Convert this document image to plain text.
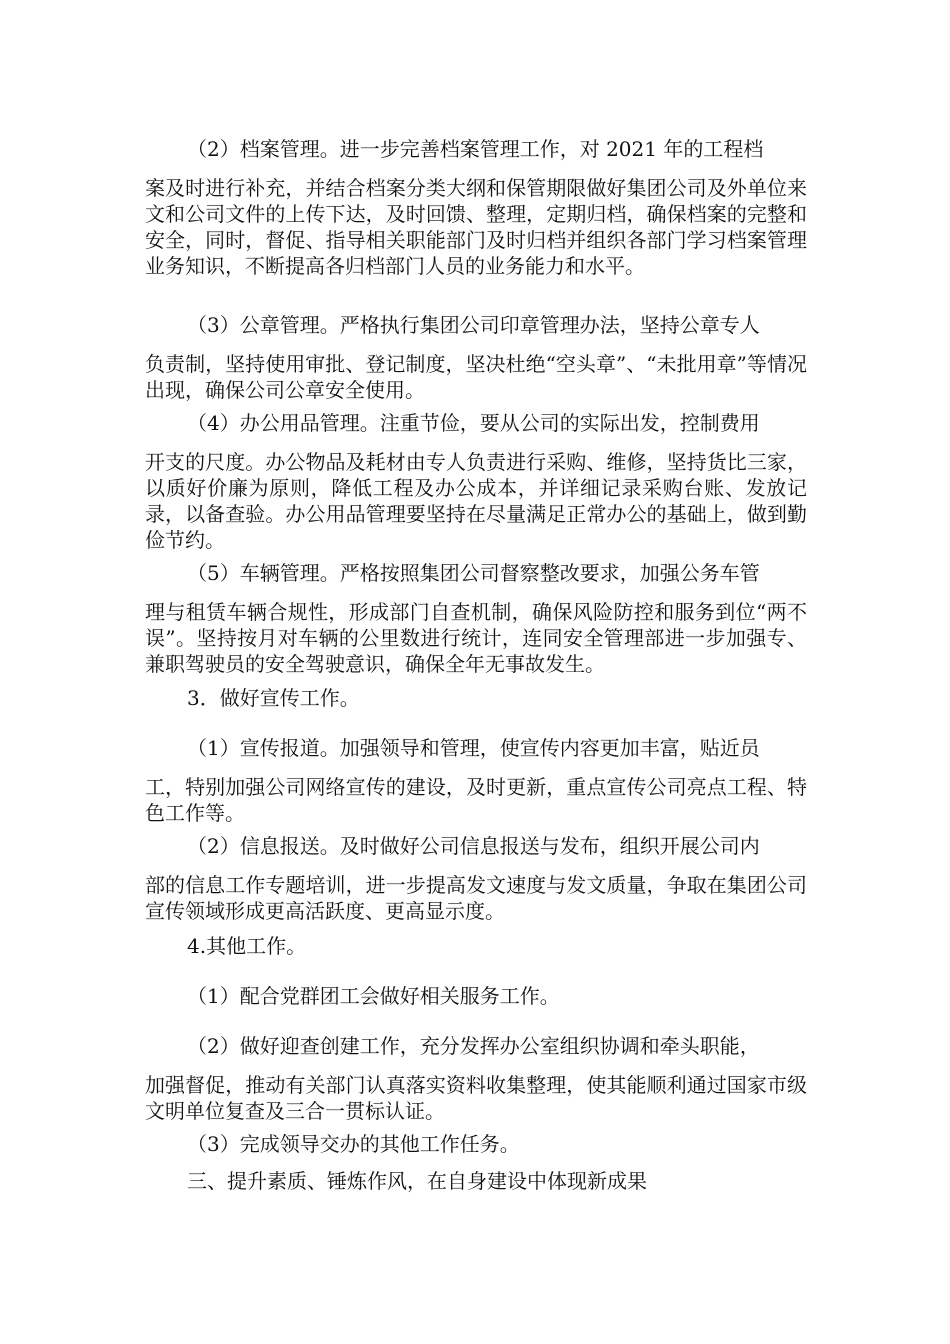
（2）档案管理。进一步完善档案管理工作，对 2021 年的工程档
案及时进行补充，并结合档案分类大纲和保管期限做好集团公司及外单位来文和公司文件的上传下达，及时回馈、整理，定期归档，确保档案的完整和安全，同时，督促、指导相关职能部门及时归档并组织各部门学习档案管理业务知识，不断提高各归档部门人员的业务能力和水平。

（3）公章管理。严格执行集团公司印章管理办法，坚持公章专人
负责制，坚持使用审批、登记制度，坚决杜绝“空头章”、“未批用章”等情况出现，确保公司公章安全使用。

（4）办公用品管理。注重节俭，要从公司的实际出发，控制费用
开支的尺度。办公物品及耗材由专人负责进行采购、维修，坚持货比三家，以质好价廉为原则，降低工程及办公成本，并详细记录采购台账、发放记录，以备查验。办公用品管理要坚持在尽量满足正常办公的基础上，做到勤俭节约。

（5）车辆管理。严格按照集团公司督察整改要求，加强公务车管
理与租赁车辆合规性，形成部门自查机制，确保风险防控和服务到位“两不误”。坚持按月对车辆的公里数进行统计，连同安全管理部进一步加强专、兼职驾驶员的安全驾驶意识，确保全年无事故发生。

3．做好宣传工作。

（1）宣传报道。加强领导和管理，使宣传内容更加丰富，贴近员
工，特别加强公司网络宣传的建设，及时更新，重点宣传公司亮点工程、特色工作等。

（2）信息报送。及时做好公司信息报送与发布，组织开展公司内
部的信息工作专题培训，进一步提高发文速度与发文质量，争取在集团公司宣传领域形成更高活跃度、更高显示度。

4.其他工作。

（1）配合党群团工会做好相关服务工作。

（2）做好迎查创建工作，充分发挥办公室组织协调和牵头职能，
加强督促，推动有关部门认真落实资料收集整理，使其能顺利通过国家市级文明单位复查及三合一贯标认证。

（3）完成领导交办的其他工作任务。

三、提升素质、锤炼作风，在自身建设中体现新成果
